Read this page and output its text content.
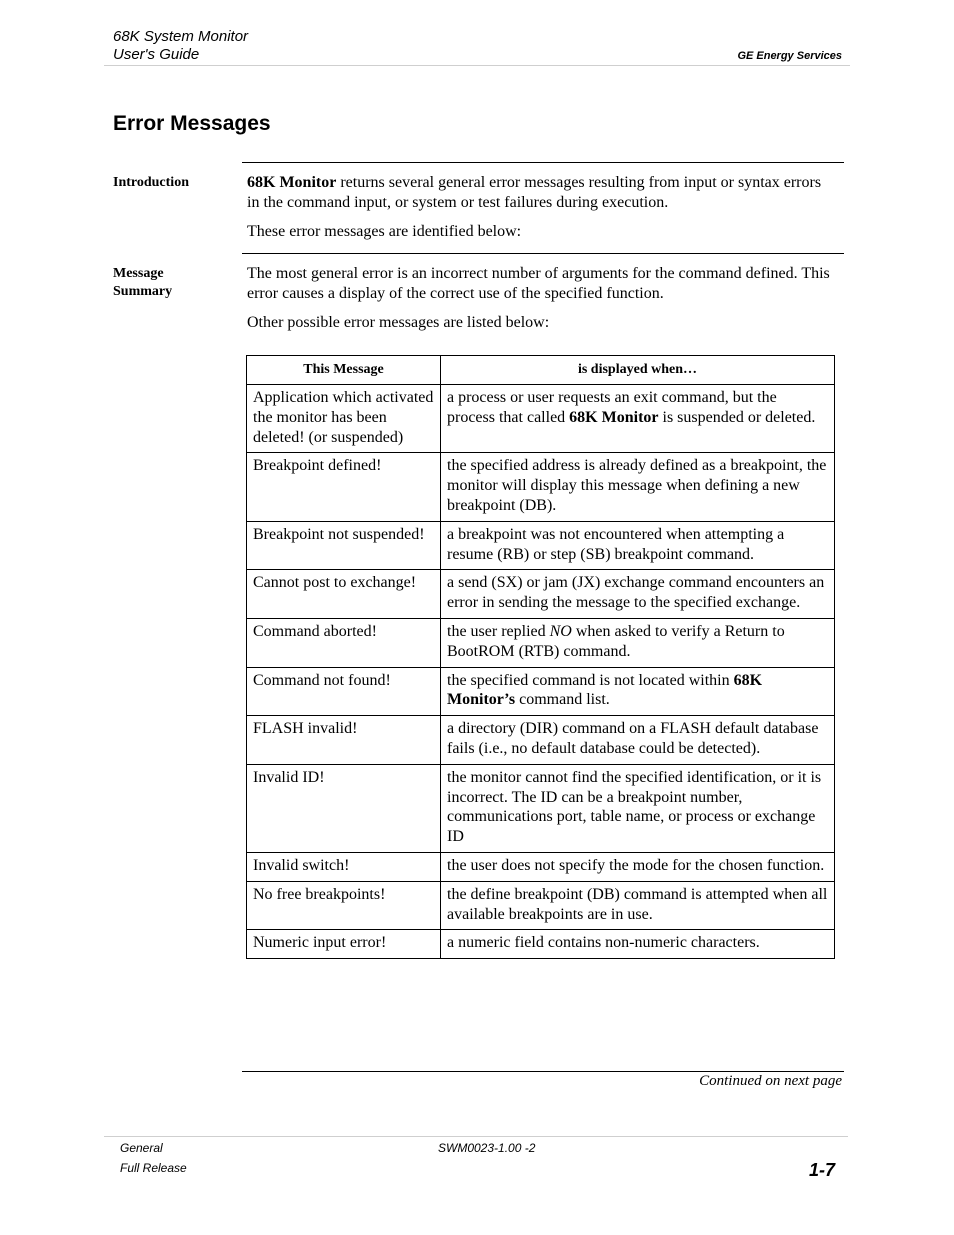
68K System Monitor
User's Guide	GE Energy Services
Error Messages
Introduction	68K Monitor returns several general error messages resulting from input or syntax errors in the command input, or system or test failures during execution.

These error messages are identified below:

Message
Summary

The most general error is an incorrect number of arguments for the command defined. This error causes a display of the correct use of the specified function.

Other possible error messages are listed below:

This Message	is displayed when…
Application which activated the monitor has been deleted! (or suspended)	a process or user requests an exit command, but the process that called 68K Monitor is suspended or deleted.
Breakpoint defined!	the specified address is already defined as a breakpoint, the monitor will display this message when defining a new breakpoint (DB).
Breakpoint not suspended!	a breakpoint was not encountered when attempting a resume (RB) or step (SB) breakpoint command.
Cannot post to exchange!	a send (SX) or jam (JX) exchange command encounters an error in sending the message to the specified exchange.
Command aborted!	the user replied NO when asked to verify a Return to BootROM (RTB) command.
Command not found!	the specified command is not located within 68K Monitor’s command list.
FLASH invalid!	a directory (DIR) command on a FLASH default database fails (i.e., no default database could be detected).
Invalid ID!	the monitor cannot find the specified identification, or it is incorrect. The ID can be a breakpoint number, communications port, table name, or process or exchange ID
Invalid switch!	the user does not specify the mode for the chosen function.
No free breakpoints!	the define breakpoint (DB) command is attempted when all available breakpoints are in use.
Numeric input error!	a numeric field contains non-numeric characters.
Continued on next page
General
Full Release
SWM0023-1.00 -2
1-7
